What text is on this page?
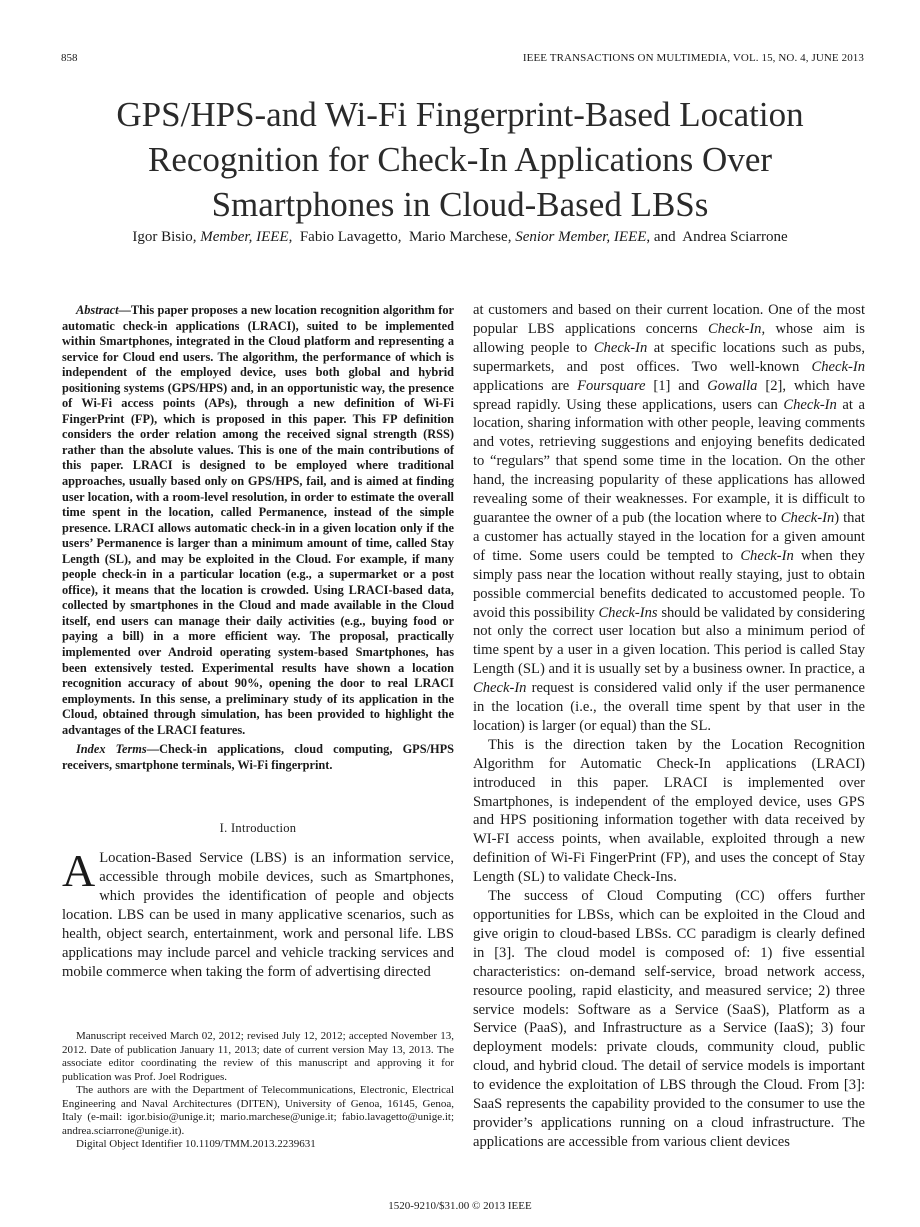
858	IEEE TRANSACTIONS ON MULTIMEDIA, VOL. 15, NO. 4, JUNE 2013
GPS/HPS-and Wi-Fi Fingerprint-Based Location
Recognition for Check-In Applications Over
Smartphones in Cloud-Based LBSs
Igor Bisio, Member, IEEE,  Fabio Lavagetto,  Mario Marchese, Senior Member, IEEE, and Andrea Sciarrone

Abstract—This paper proposes a new location recognition algorithm for automatic check-in applications (LRACI), suited to be implemented within Smartphones, integrated in the Cloud platform and representing a service for Cloud end users. The algorithm, the performance of which is independent of the employed device, uses both global and hybrid positioning systems (GPS/HPS) and, in an opportunistic way, the presence of Wi-Fi access points (APs), through a new definition of Wi-Fi FingerPrint (FP), which is proposed in this paper. This FP definition considers the order relation among the received signal strength (RSS) rather than the absolute values. This is one of the main contributions of this paper. LRACI is designed to be employed where traditional approaches, usually based only on GPS/HPS, fail, and is aimed at finding user location, with a room-level resolution, in order to estimate the overall time spent in the location, called Permanence, instead of the simple presence. LRACI allows automatic check-in in a given location only if the users’ Permanence is larger than a minimum amount of time, called Stay Length (SL), and may be exploited in the Cloud. For example, if many people check-in in a particular location (e.g., a supermarket or a post office), it means that the location is crowded. Using LRACI-based data, collected by smartphones in the Cloud and made available in the Cloud itself, end users can manage their daily activities (e.g., buying food or paying a bill) in a more efficient way. The proposal, practically implemented over Android operating system-based Smartphones, has been extensively tested. Experimental results have shown a location recognition accuracy of about 90%, opening the door to real LRACI employments. In this sense, a preliminary study of its application in the Cloud, obtained through simulation, has been provided to highlight the advantages of the LRACI features.

Index Terms—Check-in applications, cloud computing, GPS/HPS receivers, smartphone terminals, Wi-Fi fingerprint.

I. Introduction

A Location-Based Service (LBS) is an information service, accessible through mobile devices, such as Smartphones, which provides the identification of people and objects location. LBS can be used in many applicative scenarios, such as health, object search, entertainment, work and personal life. LBS applications may include parcel and vehicle tracking services and mobile commerce when taking the form of advertising directed

Manuscript received March 02, 2012; revised July 12, 2012; accepted November 13, 2012. Date of publication January 11, 2013; date of current version May 13, 2013. The associate editor coordinating the review of this manuscript and approving it for publication was Prof. Joel Rodrigues.

The authors are with the Department of Telecommunications, Electronic, Electrical Engineering and Naval Architectures (DITEN), University of Genoa, 16145, Genoa, Italy (e-mail: igor.bisio@unige.it; mario.marchese@unige.it; fabio.lavagetto@unige.it; andrea.sciarrone@unige.it).

Digital Object Identifier 10.1109/TMM.2013.2239631

at customers and based on their current location. One of the most popular LBS applications concerns Check-In, whose aim is allowing people to Check-In at specific locations such as pubs, supermarkets, and post offices. Two well-known Check-In applications are Foursquare [1] and Gowalla [2], which have spread rapidly. Using these applications, users can Check-In at a location, sharing information with other people, leaving comments and votes, retrieving suggestions and enjoying benefits dedicated to “regulars” that spend some time in the location. On the other hand, the increasing popularity of these applications has allowed revealing some of their weaknesses. For example, it is difficult to guarantee the owner of a pub (the location where to Check-In) that a customer has actually stayed in the location for a given amount of time. Some users could be tempted to Check-In when they simply pass near the location without really staying, just to obtain possible commercial benefits dedicated to accustomed people. To avoid this possibility Check-Ins should be validated by considering not only the correct user location but also a minimum period of time spent by a user in a given location. This period is called Stay Length (SL) and it is usually set by a business owner. In practice, a Check-In request is considered valid only if the user permanence in the location (i.e., the overall time spent by that user in the location) is larger (or equal) than the SL.

This is the direction taken by the Location Recognition Algorithm for Automatic Check-In applications (LRACI) introduced in this paper. LRACI is implemented over Smartphones, is independent of the employed device, uses GPS and HPS positioning information together with data received by WI-FI access points, when available, exploited through a new definition of Wi-Fi FingerPrint (FP), and uses the concept of Stay Length (SL) to validate Check-Ins.

The success of Cloud Computing (CC) offers further opportunities for LBSs, which can be exploited in the Cloud and give origin to cloud-based LBSs. CC paradigm is clearly defined in [3]. The cloud model is composed of: 1) five essential characteristics: on-demand self-service, broad network access, resource pooling, rapid elasticity, and measured service; 2) three service models: Software as a Service (SaaS), Platform as a Service (PaaS), and Infrastructure as a Service (IaaS); 3) four deployment models: private clouds, community cloud, public cloud, and hybrid cloud. The detail of service models is important to evidence the exploitation of LBS through the Cloud. From [3]: SaaS represents the capability provided to the consumer to use the provider’s applications running on a cloud infrastructure. The applications are accessible from various client devices

1520-9210/$31.00 © 2013 IEEE
